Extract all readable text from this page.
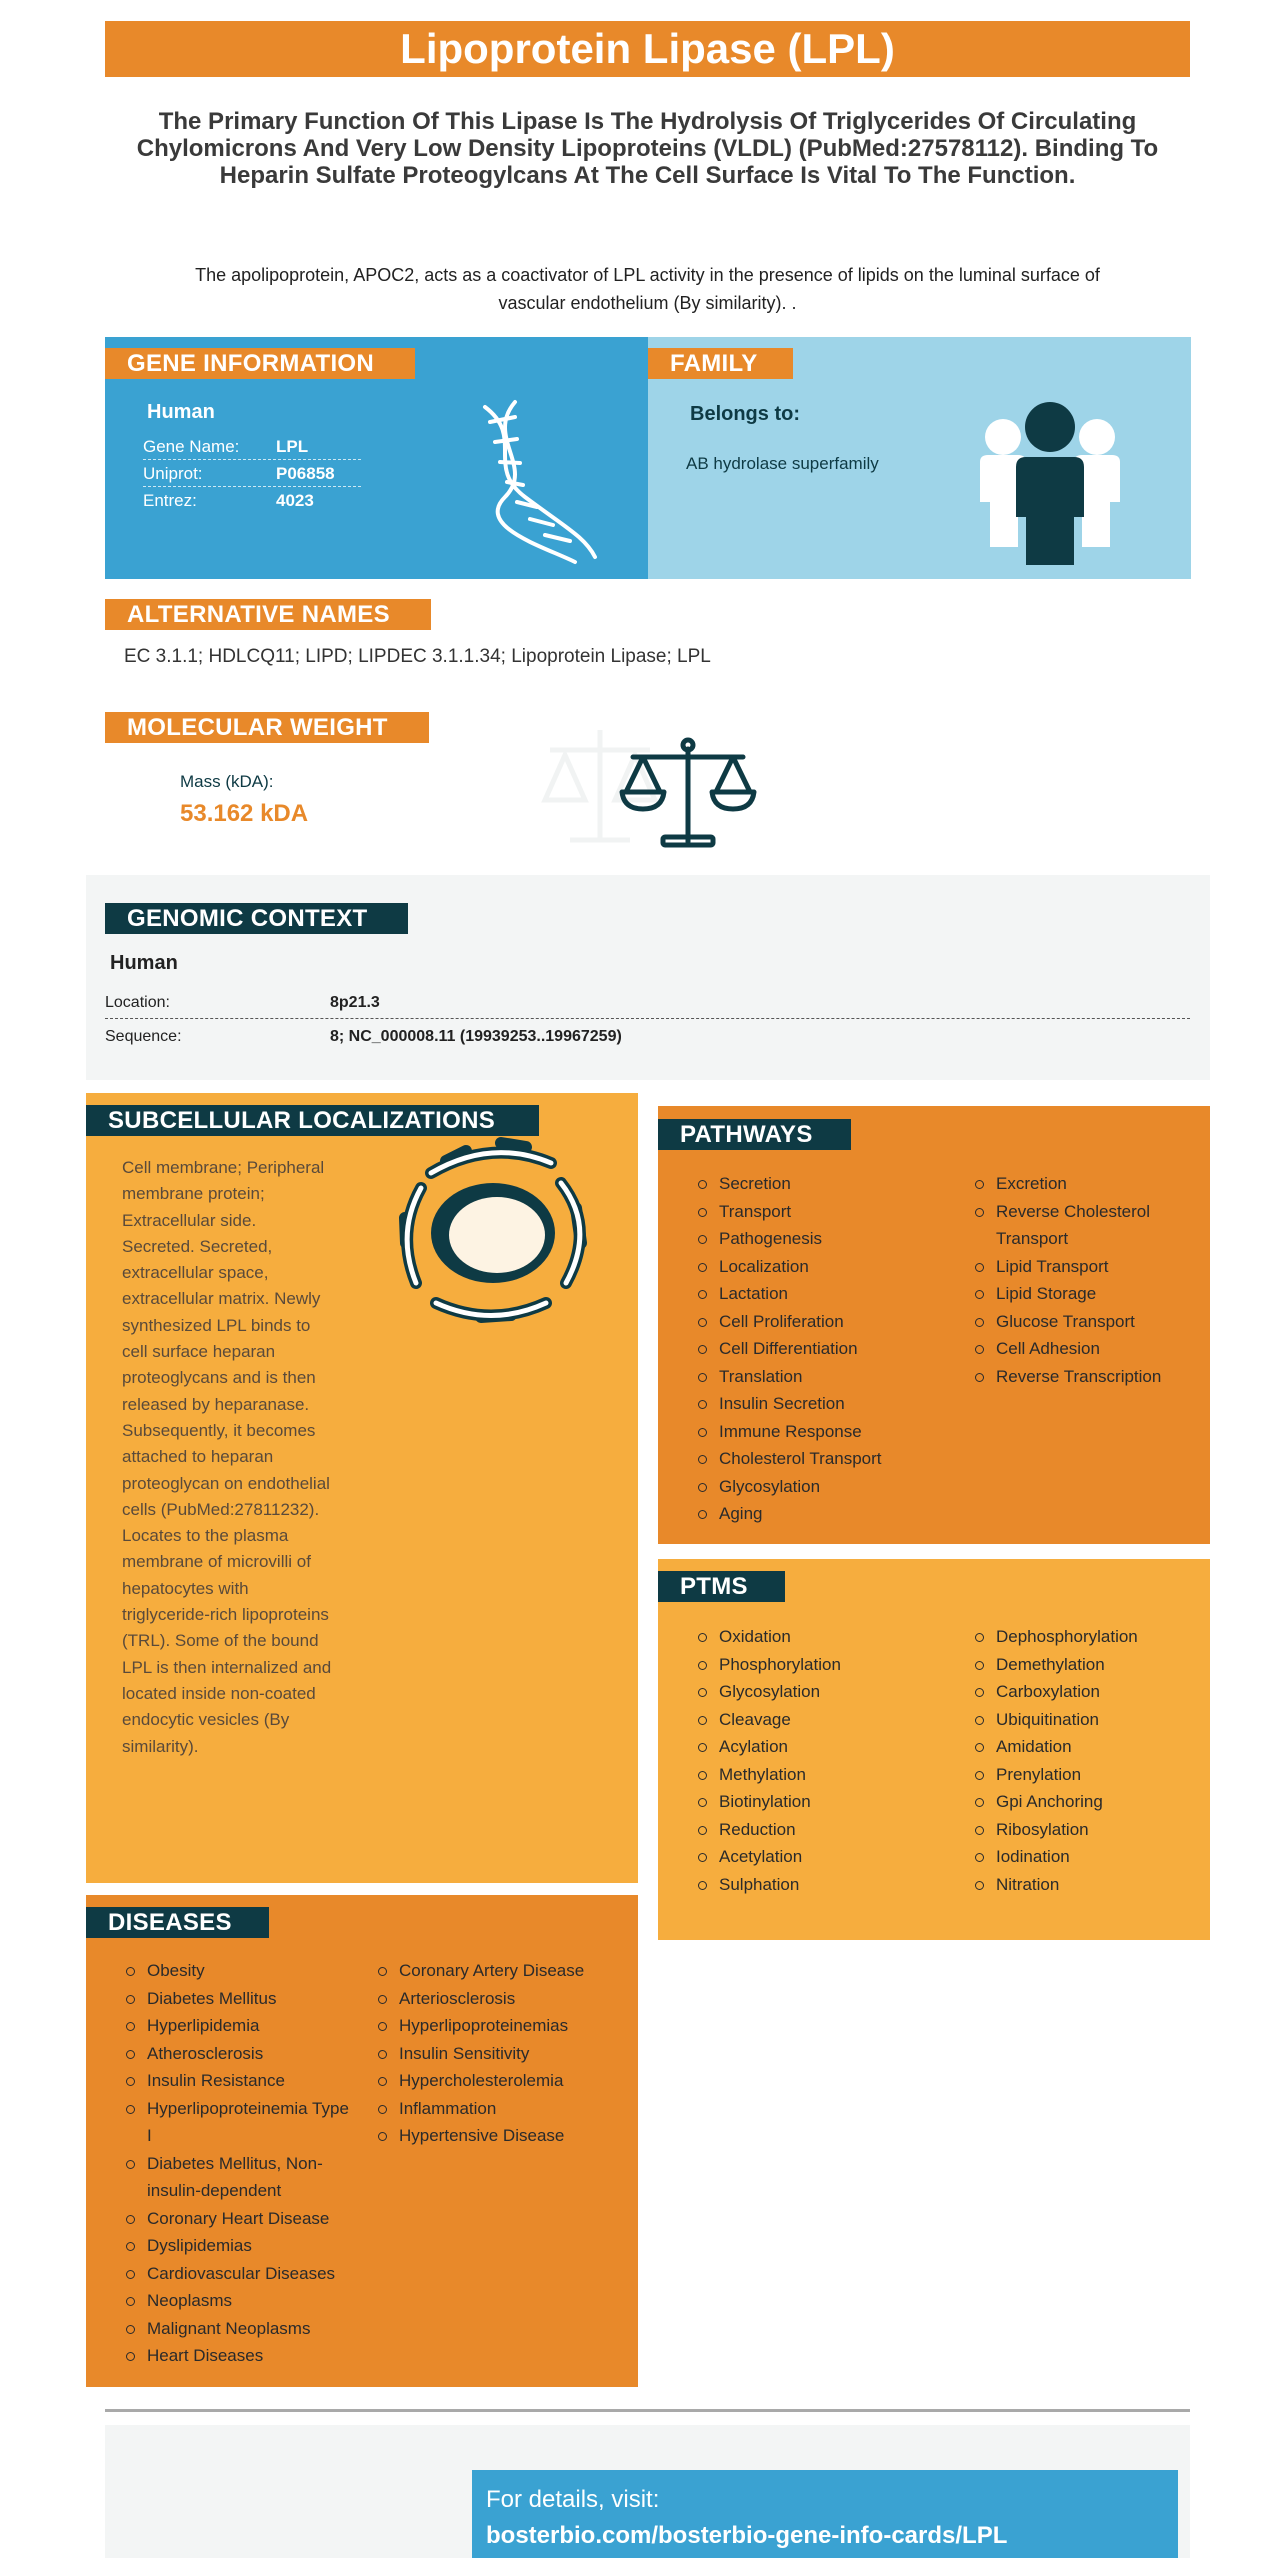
Lipoprotein Lipase (LPL)
The Primary Function Of This Lipase Is The Hydrolysis Of Triglycerides Of Circulating Chylomicrons And Very Low Density Lipoproteins (VLDL) (PubMed:27578112). Binding To Heparin Sulfate Proteogylcans At The Cell Surface Is Vital To The Function.
The apolipoprotein, APOC2, acts as a coactivator of LPL activity in the presence of lipids on the luminal surface of vascular endothelium (By similarity). .
GENE INFORMATION
Human
Gene Name:	LPL
Uniprot:	P06858
Entrez:	4023
FAMILY
Belongs to:
AB hydrolase superfamily
ALTERNATIVE NAMES
EC 3.1.1; HDLCQ11; LIPD; LIPDEC 3.1.1.34; Lipoprotein Lipase; LPL
MOLECULAR WEIGHT
Mass (kDA):
53.162 kDA
GENOMIC CONTEXT
Human
Location:	8p21.3
Sequence:	8; NC_000008.11 (19939253..19967259)
SUBCELLULAR LOCALIZATIONS
Cell membrane; Peripheral membrane protein; Extracellular side. Secreted. Secreted, extracellular space, extracellular matrix. Newly synthesized LPL binds to cell surface heparan proteoglycans and is then released by heparanase. Subsequently, it becomes attached to heparan proteoglycan on endothelial cells (PubMed:27811232). Locates to the plasma membrane of microvilli of hepatocytes with triglyceride-rich lipoproteins (TRL). Some of the bound LPL is then internalized and located inside non-coated endocytic vesicles (By similarity).
PATHWAYS
Secretion
Transport
Pathogenesis
Localization
Lactation
Cell Proliferation
Cell Differentiation
Translation
Insulin Secretion
Immune Response
Cholesterol Transport
Glycosylation
Aging
Excretion
Reverse Cholesterol Transport
Lipid Transport
Lipid Storage
Glucose Transport
Cell Adhesion
Reverse Transcription
PTMS
Oxidation
Phosphorylation
Glycosylation
Cleavage
Acylation
Methylation
Biotinylation
Reduction
Acetylation
Sulphation
Dephosphorylation
Demethylation
Carboxylation
Ubiquitination
Amidation
Prenylation
Gpi Anchoring
Ribosylation
Iodination
Nitration
DISEASES
Obesity
Diabetes Mellitus
Hyperlipidemia
Atherosclerosis
Insulin Resistance
Hyperlipoproteinemia Type I
Diabetes Mellitus, Non-insulin-dependent
Coronary Heart Disease
Dyslipidemias
Cardiovascular Diseases
Neoplasms
Malignant Neoplasms
Heart Diseases
Coronary Artery Disease
Arteriosclerosis
Hyperlipoproteinemias
Insulin Sensitivity
Hypercholesterolemia
Inflammation
Hypertensive Disease
For details, visit:
bosterbio.com/bosterbio-gene-info-cards/LPL
